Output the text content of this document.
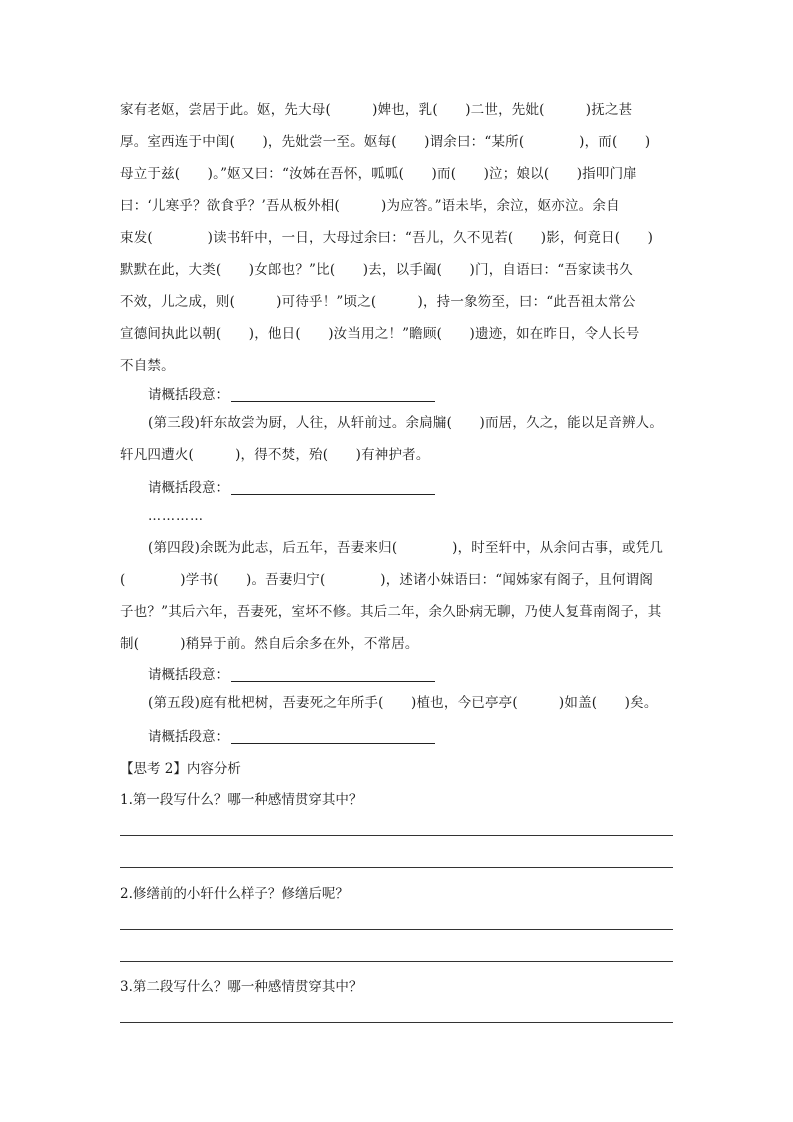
家有老妪，尝居于此。妪，先大母(　　　)婢也，乳(　　)二世，先妣(　　　)抚之甚
厚。室西连于中闺(　　)，先妣尝一至。妪每(　　)谓余曰：“某所(　　　　)，而(　　)
母立于兹(　　)。”妪又曰：“汝姊在吾怀，呱呱(　　)而(　　)泣；娘以(　　)指叩门扉
曰：‘儿寒乎？欲食乎？’吾从板外相(　　　)为应答。”语未毕，余泣，妪亦泣。余自
束发(　　　　)读书轩中，一日，大母过余曰：“吾儿，久不见若(　　)影，何竟日(　　)
默默在此，大类(　　)女郎也？”比(　　)去，以手阖(　　)门，自语曰：“吾家读书久
不效，儿之成，则(　　　)可待乎！”顷之(　　　)，持一象笏至，曰：“此吾祖太常公
宣德间执此以朝(　　)，他日(　　)汝当用之！”瞻顾(　　)遗迹，如在昨日，令人长号
不自禁。
请概括段意：
(第三段)轩东故尝为厨，人往，从轩前过。余扃牖(　　)而居，久之，能以足音辨人。
轩凡四遭火(　　　)，得不焚，殆(　　)有神护者。
请概括段意：
…………
(第四段)余既为此志，后五年，吾妻来归(　　　　)，时至轩中，从余问古事，或凭几
(　　　　)学书(　　)。吾妻归宁(　　　　)，述诸小妹语曰：“闻姊家有阁子，且何谓阁
子也？”其后六年，吾妻死，室坏不修。其后二年，余久卧病无聊，乃使人复葺南阁子，其
制(　　　)稍异于前。然自后余多在外，不常居。
请概括段意：
(第五段)庭有枇杷树，吾妻死之年所手(　　)植也，今已亭亭(　　　)如盖(　　)矣。
请概括段意：
【思考 2】内容分析
1.第一段写什么？哪一种感情贯穿其中？
2.修缮前的小轩什么样子？修缮后呢？
3.第二段写什么？哪一种感情贯穿其中？
